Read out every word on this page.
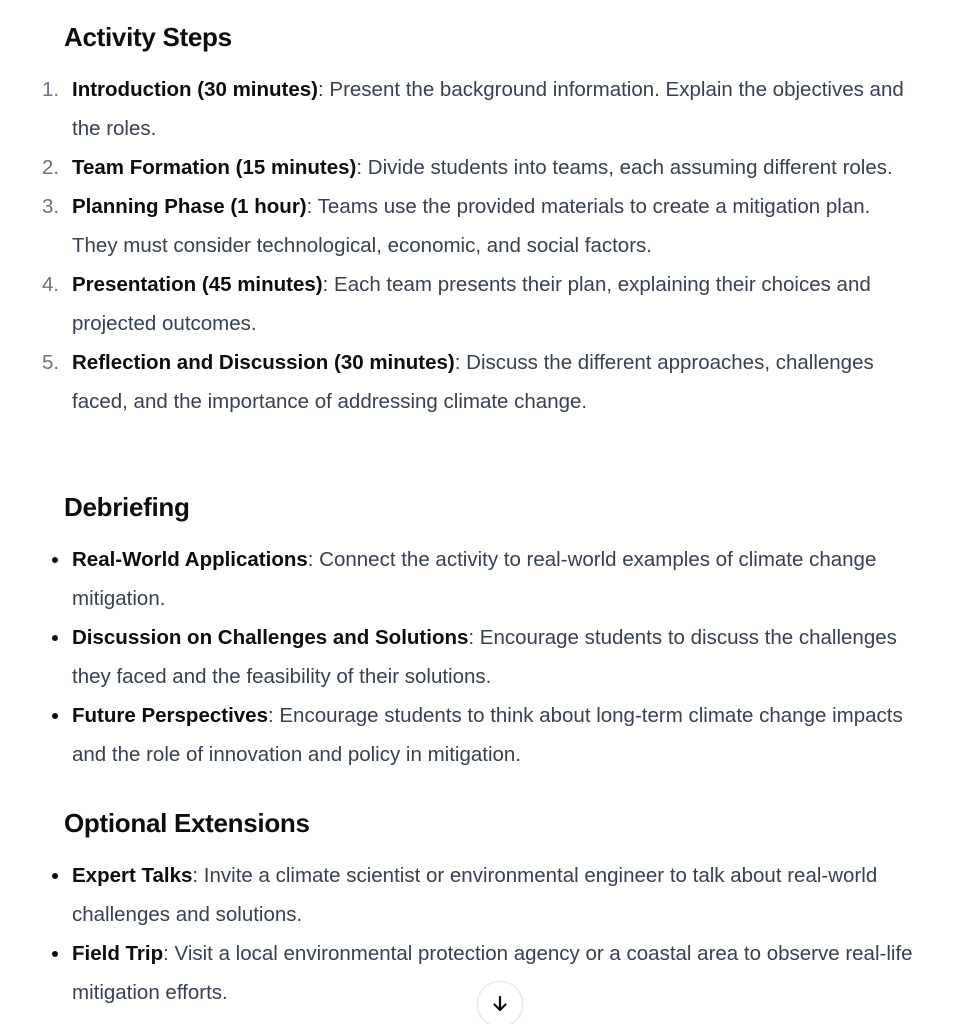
Activity Steps
1. Introduction (30 minutes): Present the background information. Explain the objectives and the roles.
2. Team Formation (15 minutes): Divide students into teams, each assuming different roles.
3. Planning Phase (1 hour): Teams use the provided materials to create a mitigation plan. They must consider technological, economic, and social factors.
4. Presentation (45 minutes): Each team presents their plan, explaining their choices and projected outcomes.
5. Reflection and Discussion (30 minutes): Discuss the different approaches, challenges faced, and the importance of addressing climate change.
Debriefing
Real-World Applications: Connect the activity to real-world examples of climate change mitigation.
Discussion on Challenges and Solutions: Encourage students to discuss the challenges they faced and the feasibility of their solutions.
Future Perspectives: Encourage students to think about long-term climate change impacts and the role of innovation and policy in mitigation.
Optional Extensions
Expert Talks: Invite a climate scientist or environmental engineer to talk about real-world challenges and solutions.
Field Trip: Visit a local environmental protection agency or a coastal area to observe real-life mitigation efforts.
